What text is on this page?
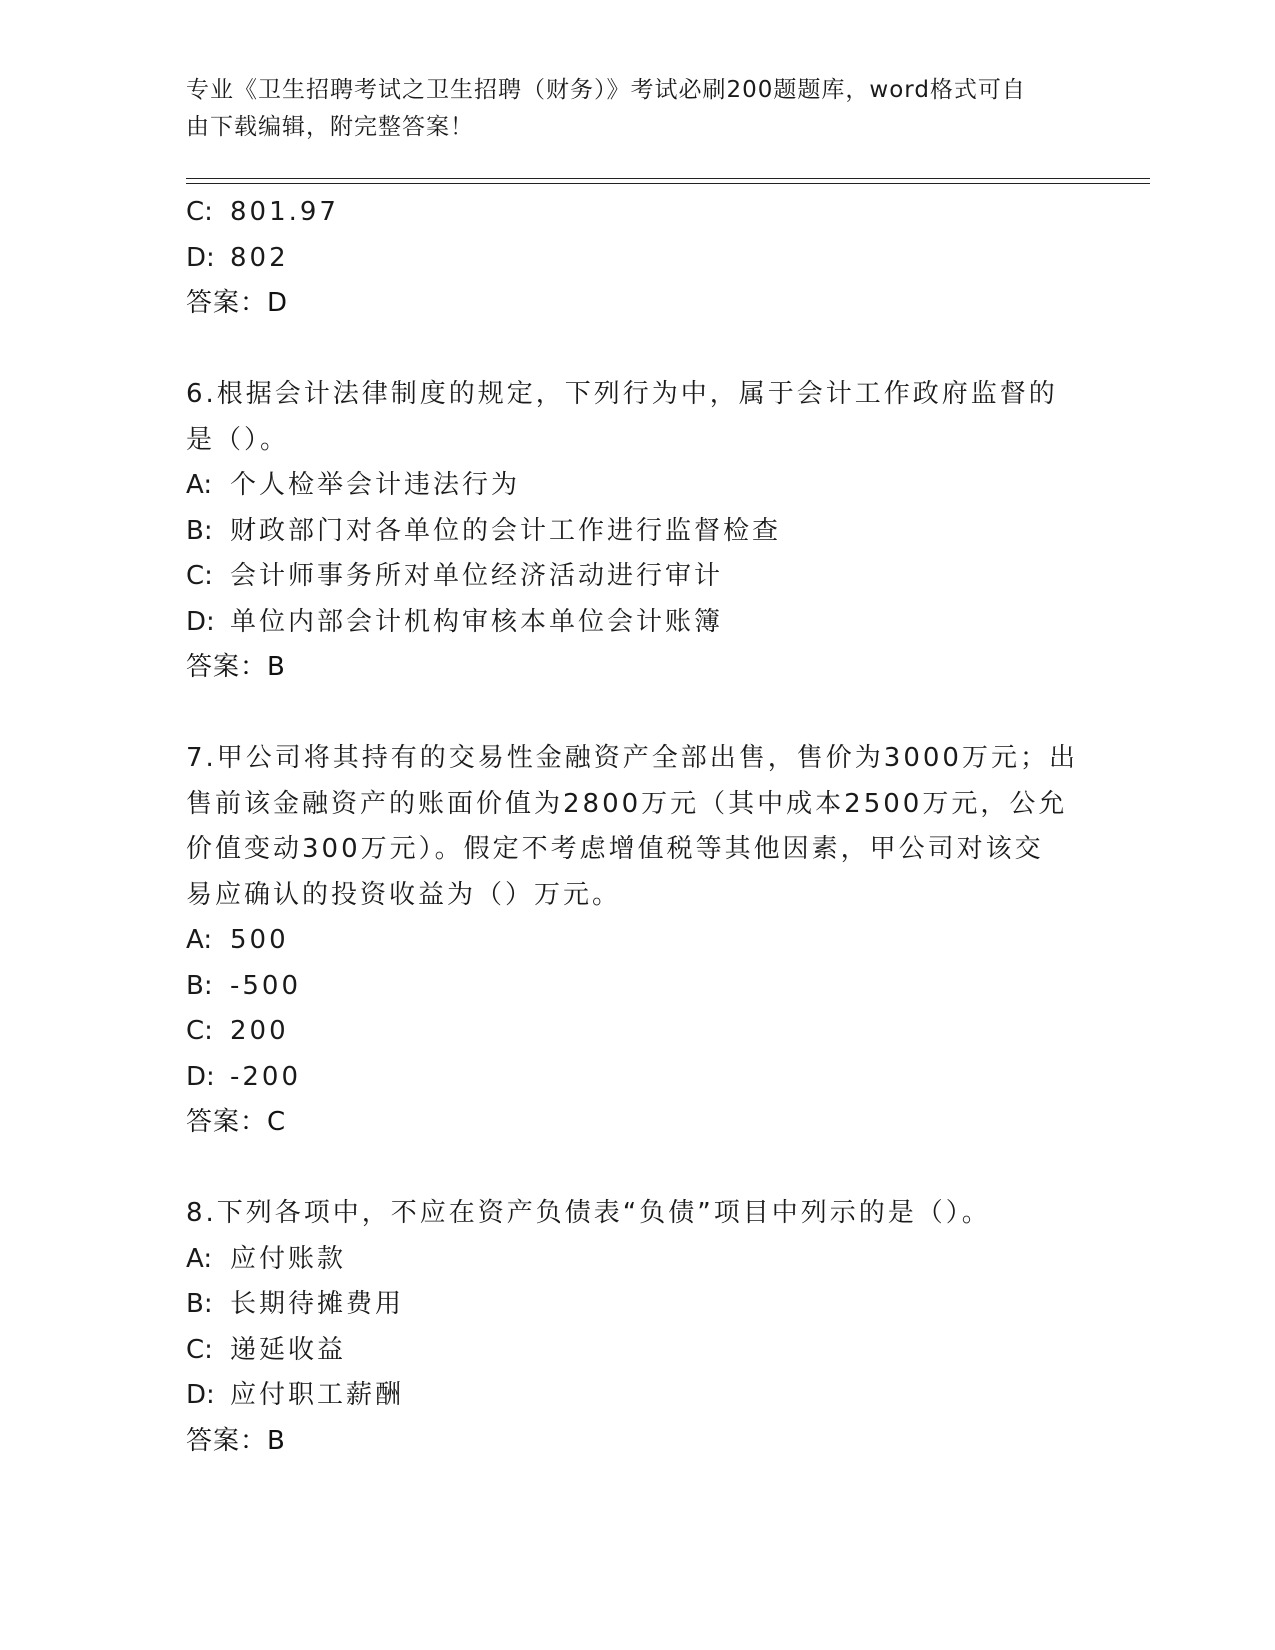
专业《卫生招聘考试之卫生招聘（财务）》考试必刷200题题库，word格式可自
由下载编辑，附完整答案！
C: 801.97
D: 802
答案：D
6.根据会计法律制度的规定，下列行为中，属于会计工作政府监督的
是（）。
A: 个人检举会计违法行为
B: 财政部门对各单位的会计工作进行监督检查
C: 会计师事务所对单位经济活动进行审计
D: 单位内部会计机构审核本单位会计账簿
答案：B
7.甲公司将其持有的交易性金融资产全部出售，售价为3000万元；出
售前该金融资产的账面价值为2800万元（其中成本2500万元，公允
价值变动300万元）。假定不考虑增值税等其他因素，甲公司对该交
易应确认的投资收益为（）万元。
A: 500
B: -500
C: 200
D: -200
答案：C
8.下列各项中，不应在资产负债表“负债”项目中列示的是（）。
A: 应付账款
B: 长期待摊费用
C: 递延收益
D: 应付职工薪酬
答案：B
